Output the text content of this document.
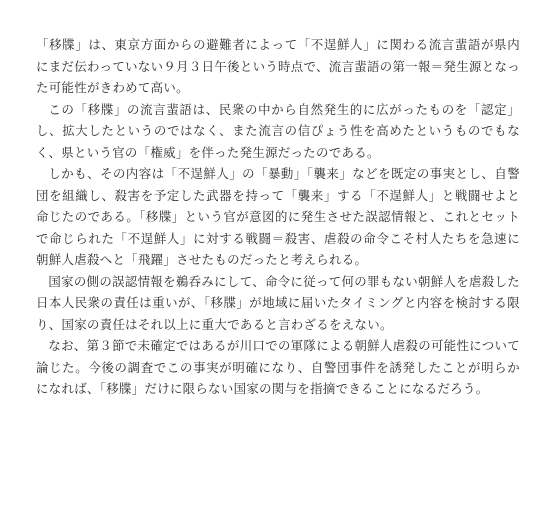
「移牒」は、東京方面からの避難者によって「不逞鮮人」に関わる流言蜚語が県内にまだ伝わっていない９月３日午後という時点で、流言蜚語の第一報＝発生源となった可能性がきわめて高い。

この「移牒」の流言蜚語は、民衆の中から自然発生的に広がったものを「認定」し、拡大したというのではなく、また流言の信ぴょう性を高めたというものでもなく、県という官の「権威」を伴った発生源だったのである。

しかも、その内容は「不逞鮮人」の「暴動」「襲来」などを既定の事実とし、自警団を組織し、殺害を予定した武器を持って「襲来」する「不逞鮮人」と戦闘せよと命じたのである。「移牒」という官が意図的に発生させた誤認情報と、これとセットで命じられた「不逞鮮人」に対する戦闘＝殺害、虐殺の命令こそ村人たちを急速に朝鮮人虐殺へと「飛躍」させたものだったと考えられる。

国家の側の誤認情報を鵜呑みにして、命令に従って何の罪もない朝鮮人を虐殺した日本人民衆の責任は重いが、「移牒」が地域に届いたタイミングと内容を検討する限り、国家の責任はそれ以上に重大であると言わざるをえない。

なお、第３節で未確定ではあるが川口での軍隊による朝鮮人虐殺の可能性について論じた。今後の調査でこの事実が明確になり、自警団事件を誘発したことが明らかになれば、「移牒」だけに限らない国家の関与を指摘できることになるだろう。
